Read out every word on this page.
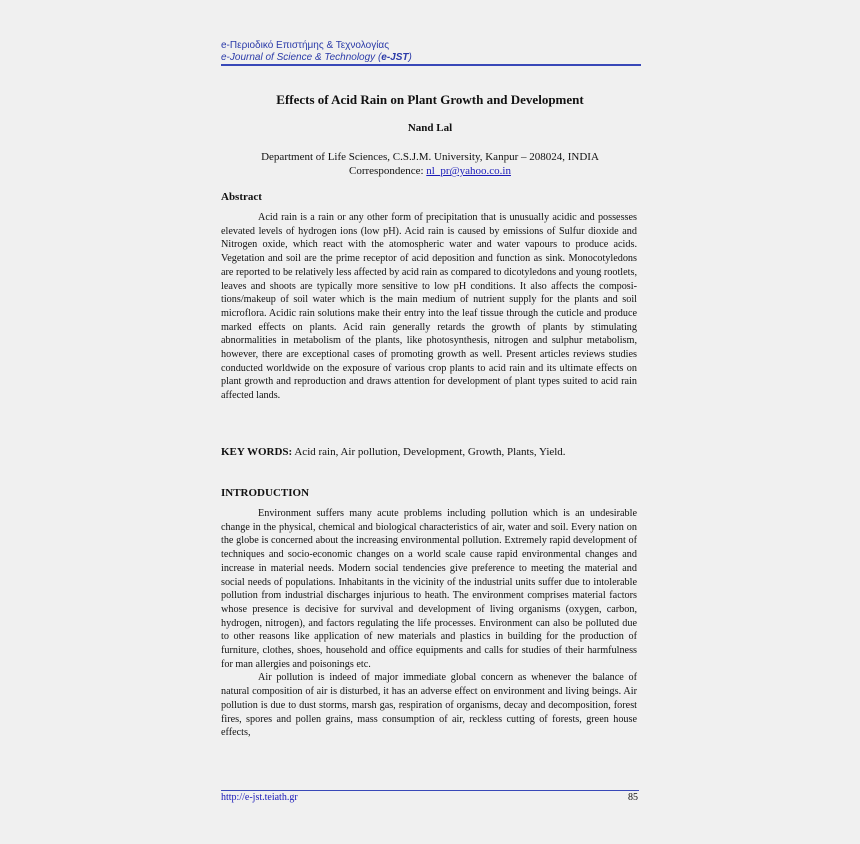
e-Περιοδικό Επιστήμης & Τεχνολογίας
e-Journal of Science & Technology (e-JST)
Effects of Acid Rain on Plant Growth and Development
Nand Lal
Department of Life Sciences, C.S.J.M. University, Kanpur – 208024, INDIA
Correspondence: nl_pr@yahoo.co.in
Abstract

Acid rain is a rain or any other form of precipitation that is unusually acidic and possesses elevated levels of hydrogen ions (low pH). Acid rain is caused by emissions of Sulfur dioxide and Nitrogen oxide, which react with the atomospheric water and water vapours to produce acids. Vegetation and soil are the prime receptor of acid deposition and function as sink. Monocotyledons are reported to be relatively less affected by acid rain as compared to dicotyledons and young rootlets, leaves and shoots are typically more sensitive to low pH conditions. It also affects the composi-tions/makeup of soil water which is the main medium of nutrient supply for the plants and soil microflora. Acidic rain solutions make their entry into the leaf tissue through the cuticle and produce marked effects on plants. Acid rain generally retards the growth of plants by stimulating abnormalities in metabolism of the plants, like photosynthesis, nitrogen and sulphur metabolism, however, there are exceptional cases of promoting growth as well. Present articles reviews studies conducted worldwide on the exposure of various crop plants to acid rain and its ultimate effects on plant growth and reproduction and draws attention for development of plant types suited to acid rain affected lands.

KEY WORDS: Acid rain, Air pollution, Development, Growth, Plants, Yield.
INTRODUCTION

Environment suffers many acute problems including pollution which is an undesirable change in the physical, chemical and biological characteristics of air, water and soil. Every nation on the globe is concerned about the increasing environmental pollution. Extremely rapid development of techniques and socio-economic changes on a world scale cause rapid environmental changes and increase in material needs. Modern social tendencies give preference to meeting the material and social needs of populations. Inhabitants in the vicinity of the industrial units suffer due to intolerable pollution from industrial discharges injurious to heath. The environment comprises material factors whose presence is decisive for survival and development of living organisms (oxygen, carbon, hydrogen, nitrogen), and factors regulating the life processes. Environment can also be polluted due to other reasons like application of new materials and plastics in building for the production of furniture, clothes, shoes, household and office equipments and calls for studies of their harmfulness for man allergies and poisonings etc.

Air pollution is indeed of major immediate global concern as whenever the balance of natural composition of air is disturbed, it has an adverse effect on environment and living beings. Air pollution is due to dust storms, marsh gas, respiration of organisms, decay and decomposition, forest fires, spores and pollen grains, mass consumption of air, reckless cutting of forests, green house effects,

http://e-jst.teiath.gr	85
